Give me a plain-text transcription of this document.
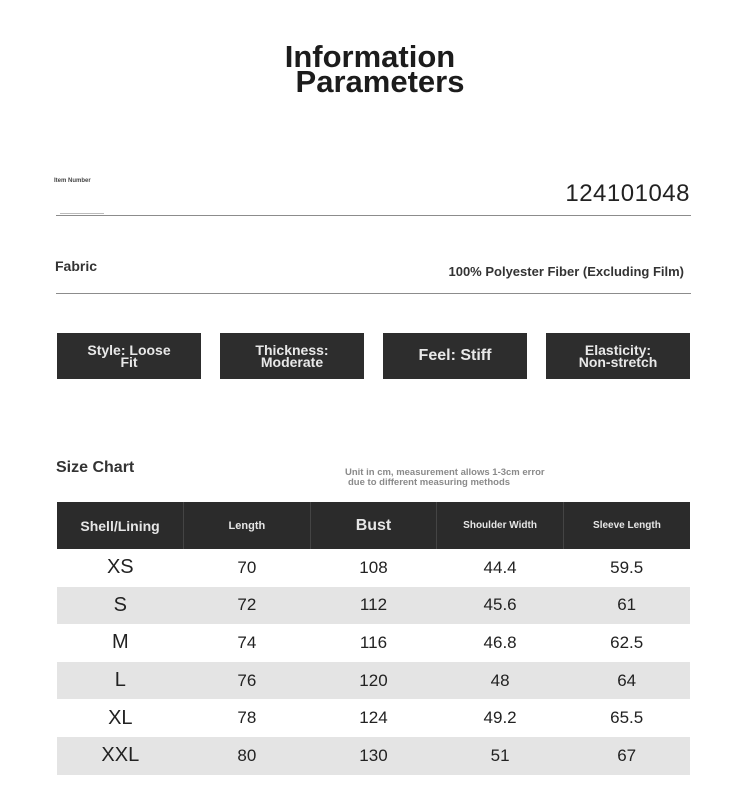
Information
Parameters
Item Number	124101048
Fabric	100% Polyester Fiber (Excluding Film)
Style: Loose
Fit
Thickness:
Moderate	Feel: Stiff	Elasticity:
Non-stretch
Size Chart	Unit in cm, measurement allows 1-3cm error
due to different measuring methods
Shell/Lining	Length	Bust	Shoulder Width	Sleeve Length
XS	70	108	44.4	59.5
S	72	112	45.6	61
M	74	116	46.8	62.5
L	76	120	48	64
XL	78	124	49.2	65.5
XXL	80	130	51	67
